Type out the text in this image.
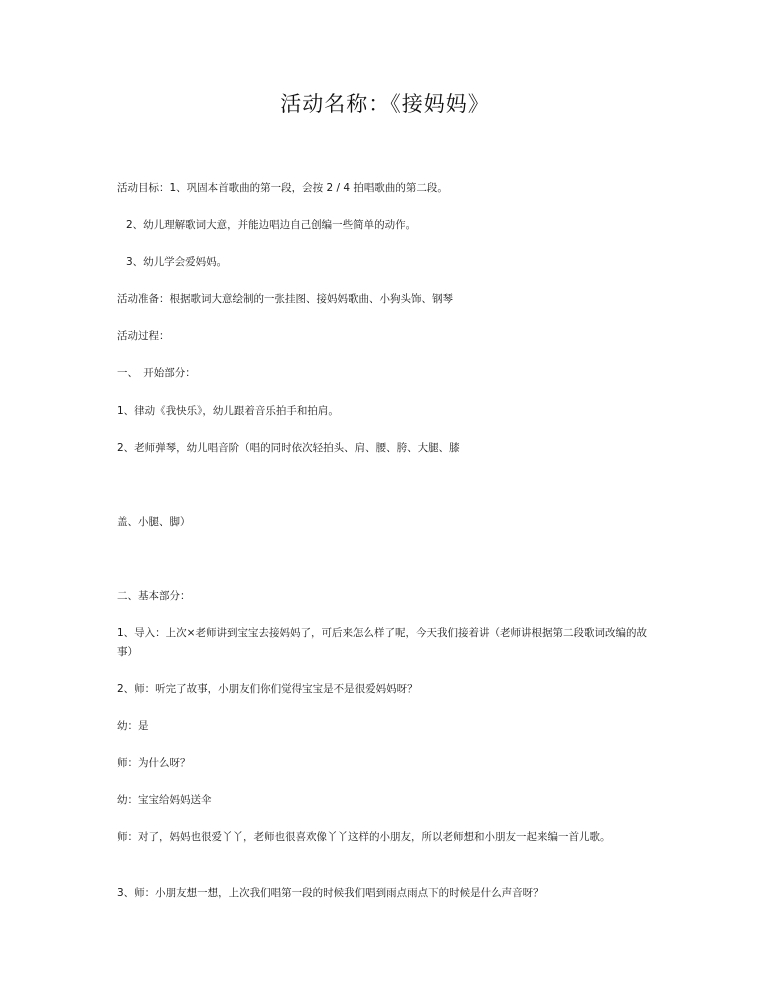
活动名称：《接妈妈》
活动目标：1、巩固本首歌曲的第一段，会按 2 / 4 拍唱歌曲的第二段。
2、幼儿理解歌词大意，并能边唱边自己创编一些简单的动作。
3、幼儿学会爱妈妈。
活动准备：根据歌词大意绘制的一张挂图、接妈妈歌曲、小狗头饰、钢琴
活动过程：
一、　开始部分：
1、律动《我快乐》，幼儿跟着音乐拍手和拍肩。
2、老师弹琴，幼儿唱音阶（唱的同时依次轻拍头、肩、腰、胯、大腿、膝
盖、小腿、脚）
二、基本部分：
1、导入：上次×老师讲到宝宝去接妈妈了，可后来怎么样了呢，今天我们接着讲（老师讲根据第二段歌词改编的故事）
2、师：听完了故事，小朋友们你们觉得宝宝是不是很爱妈妈呀？
幼：是
师：为什么呀？
幼：宝宝给妈妈送伞
师：对了，妈妈也很爱丫丫，老师也很喜欢像丫丫这样的小朋友，所以老师想和小朋友一起来编一首儿歌。
3、师：小朋友想一想，上次我们唱第一段的时候我们唱到雨点雨点下的时候是什么声音呀？
